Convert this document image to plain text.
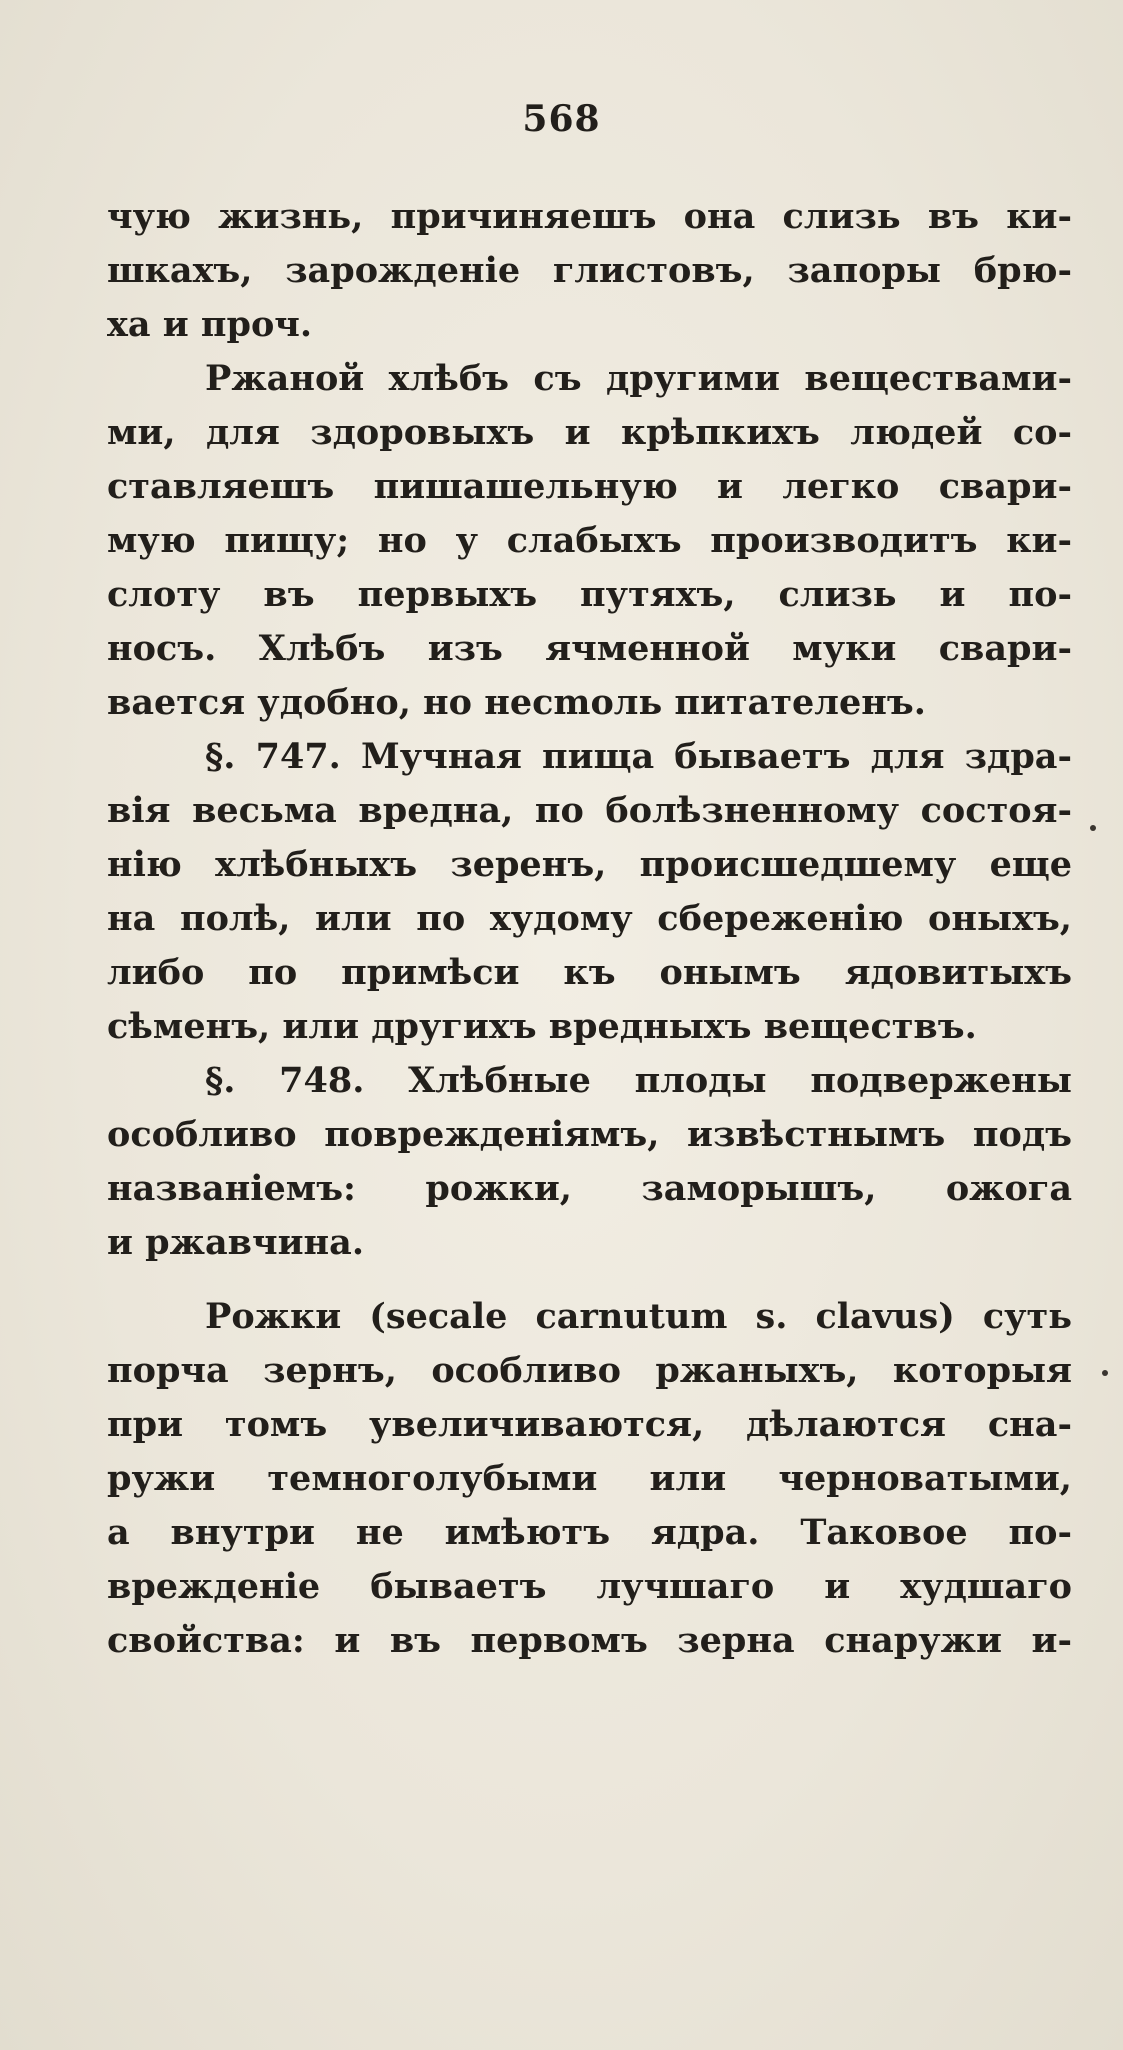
568
чую жизнь, причиняешъ она слизь въ ки-
шкахъ, зарожденіе глистовъ, запоры брю-
ха и проч.
Ржаной хлѣбъ съ другими веществами-
ми, для здоровыхъ и крѣпкихъ людей со-
ставляешъ пишашельную и легко свари-
мую пищу; но у слабыхъ производитъ ки-
слоту въ первыхъ путяхъ, слизь и по-
носъ. Хлѣбъ изъ ячменной муки свари-
вается удобно, но несmoль питателенъ.
§. 747. Мучная пища бываетъ для здра-
вія весьма вредна, по болѣзненному состоя-
нію хлѣбныхъ зеренъ, происшедшему еще
на полѣ, или по худому сбереженію оныхъ,
либо по примѣси къ онымъ ядовитыхъ
сѣменъ, или другихъ вредныхъ веществъ.
§. 748. Хлѣбные плоды подвержены
особливо поврежденіямъ, извѣстнымъ подъ
названіемъ: рожки, заморышъ, ожога
и ржавчина.
Рожки (secale carnutum s. clavus) суть
порча зернъ, особливо ржаныхъ, которыя
при томъ увеличиваются, дѣлаются сна-
ружи темноголубыми или черноватыми,
а внутри не имѣютъ ядра. Таковое по-
врежденіе бываетъ лучшаго и худшаго
свойства: и въ первомъ зерна снаружи и-
